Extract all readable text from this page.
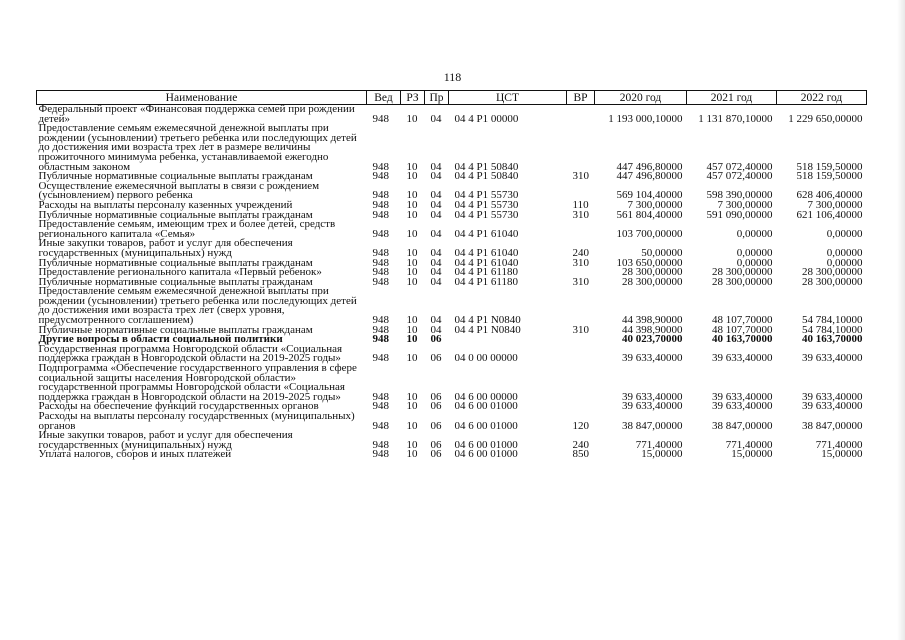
118
Наименование	Вед	РЗ	Пр	ЦСТ	ВР	2020 год	2021 год	2022 год
Федеральный проект «Финансовая поддержка семей при рождении детей»	948	10	04	04 4 P1 00000		1 193 000,10000	1 131 870,10000	1 229 650,00000
Предоставление семьям ежемесячной денежной выплаты при рождении (усыновлении) третьего ребенка или последующих детей до достижения ими возраста трех лет в размере величины прожиточного минимума ребенка, устанавливаемой ежегодно областным законом	948	10	04	04 4 P1 50840		447 496,80000	457 072,40000	518 159,50000
Публичные нормативные социальные выплаты гражданам	948	10	04	04 4 P1 50840	310	447 496,80000	457 072,40000	518 159,50000
Осуществление ежемесячной выплаты в связи с рождением (усыновлением) первого ребенка	948	10	04	04 4 P1 55730		569 104,40000	598 390,00000	628 406,40000
Расходы на выплаты персоналу казенных учреждений	948	10	04	04 4 P1 55730	110	7 300,00000	7 300,00000	7 300,00000
Публичные нормативные социальные выплаты гражданам	948	10	04	04 4 P1 55730	310	561 804,40000	591 090,00000	621 106,40000
Предоставление семьям, имеющим трех и более детей, средств регионального капитала «Семья»	948	10	04	04 4 P1 61040		103 700,00000	0,00000	0,00000
Иные закупки товаров, работ и услуг для обеспечения государственных (муниципальных) нужд	948	10	04	04 4 P1 61040	240	50,00000	0,00000	0,00000
Публичные нормативные социальные выплаты гражданам	948	10	04	04 4 P1 61040	310	103 650,00000	0,00000	0,00000
Предоставление регионального капитала «Первый ребенок»	948	10	04	04 4 P1 61180		28 300,00000	28 300,00000	28 300,00000
Публичные нормативные социальные выплаты гражданам	948	10	04	04 4 P1 61180	310	28 300,00000	28 300,00000	28 300,00000
Предоставление семьям ежемесячной денежной выплаты при рождении (усыновлении) третьего ребенка или последующих детей до достижения ими возраста трех лет (сверх уровня, предусмотренного соглашением)	948	10	04	04 4 P1 N0840		44 398,90000	48 107,70000	54 784,10000
Публичные нормативные социальные выплаты гражданам	948	10	04	04 4 P1 N0840	310	44 398,90000	48 107,70000	54 784,10000
Другие вопросы в области социальной политики	948	10	06			40 023,70000	40 163,70000	40 163,70000
Государственная программа Новгородской области «Социальная поддержка граждан в Новгородской области на 2019-2025 годы»	948	10	06	04 0 00 00000		39 633,40000	39 633,40000	39 633,40000
Подпрограмма «Обеспечение государственного управления в сфере социальной защиты населения Новгородской области» государственной программы Новгородской области «Социальная поддержка граждан в Новгородской области на 2019-2025 годы»	948	10	06	04 6 00 00000		39 633,40000	39 633,40000	39 633,40000
Расходы на обеспечение функций государственных органов	948	10	06	04 6 00 01000		39 633,40000	39 633,40000	39 633,40000
Расходы на выплаты персоналу государственных (муниципальных) органов	948	10	06	04 6 00 01000	120	38 847,00000	38 847,00000	38 847,00000
Иные закупки товаров, работ и услуг для обеспечения государственных (муниципальных) нужд	948	10	06	04 6 00 01000	240	771,40000	771,40000	771,40000
Уплата налогов, сборов и иных платежей	948	10	06	04 6 00 01000	850	15,00000	15,00000	15,00000
